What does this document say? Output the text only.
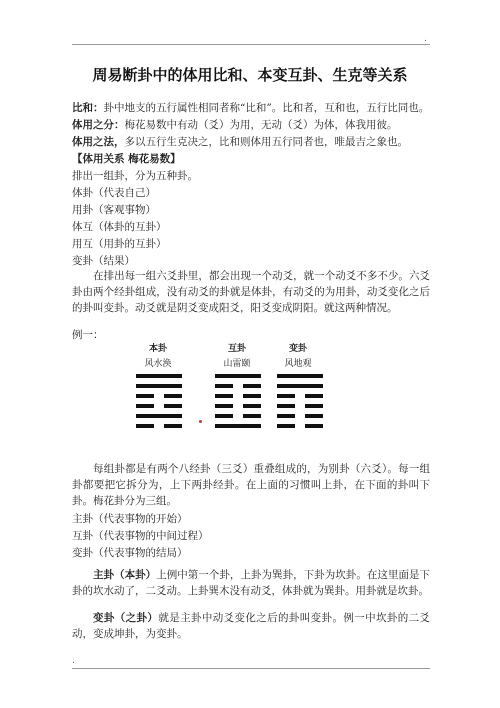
.
周易断卦中的体用比和、本变互卦、生克等关系
比和：卦中地支的五行属性相同者称“比和”。比和者，互和也，五行比同也。
体用之分：梅花易数中有动（爻）为用，无动（爻）为体，体我用彼。
体用之法，多以五行生克决之，比和则体用五行同者也，唯最吉之象也。
【体用关系 梅花易数】
排出一组卦，分为五种卦。
体卦（代表自己）
用卦（客观事物）
体互（体卦的互卦）
用互（用卦的互卦）
变卦（结果）
在排出每一组六爻卦里，都会出现一个动爻，就一个动爻不多不少。六爻卦由两个经卦组成，没有动爻的卦就是体卦，有动爻的为用卦，动爻变化之后的卦叫变卦。动爻就是阴爻变成阳爻，阳爻变成阴阳。就这两种情况。
例一：
本卦
风水涣
互卦
山雷颐
变卦
风地观
每组卦都是有两个八经卦（三爻）重叠组成的，为别卦（六爻）。每一组卦都要把它拆分为，上下两卦经卦。在上面的习惯叫上卦，在下面的卦叫下卦。梅花卦分为三组。
主卦（代表事物的开始）
互卦（代表事物的中间过程）
变卦（代表事物的结局）
主卦（本卦）上例中第一个卦，上卦为巽卦，下卦为坎卦。在这里面是下卦的坎水动了，二爻动。上卦巽木没有动爻，体卦就为巽卦。用卦就是坎卦。
变卦（之卦）就是主卦中动爻变化之后的卦叫变卦。例一中坎卦的二爻动，变成坤卦，为变卦。
.
